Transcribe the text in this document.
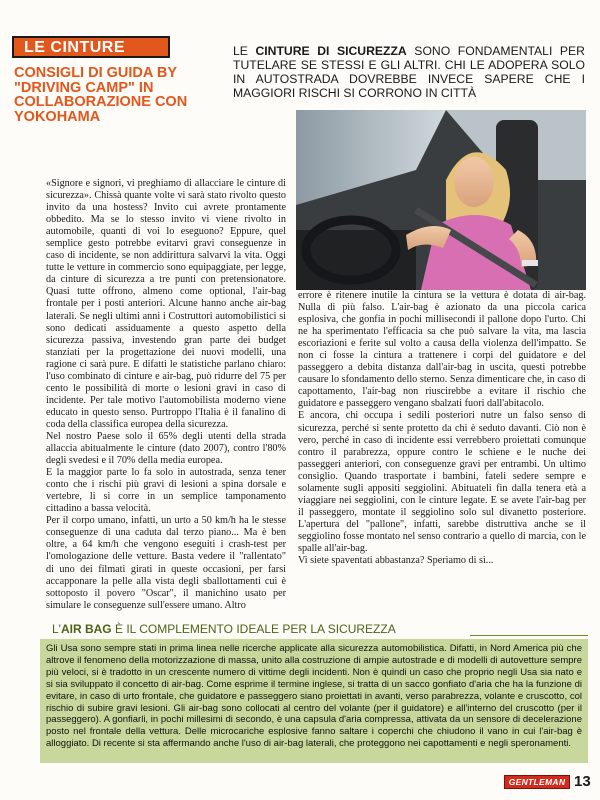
LE CINTURE
CONSIGLI DI GUIDA BY "DRIVING CAMP" IN COLLABORAZIONE CON YOKOHAMA
LE CINTURE DI SICUREZZA SONO FONDAMENTALI PER TUTELARE SE STESSI E GLI ALTRI. CHI LE ADOPERA SOLO IN AUTOSTRADA DOVREBBE INVECE SAPERE CHE I MAGGIORI RISCHI SI CORRONO IN CITTÀ

«Signore e signori, vi preghiamo di allacciare le cinture di sicurezza». Chissà quante volte vi sarà stato rivolto questo invito da una hostess? Invito cui avrete prontamente obbedito. Ma se lo stesso invito vi viene rivolto in automobile, quanti di voi lo eseguono? Eppure, quel semplice gesto potrebbe evitarvi gravi conseguenze in caso di incidente, se non addirittura salvarvi la vita. Oggi tutte le vetture in commercio sono equipaggiate, per legge, da cinture di sicurezza a tre punti con pretensionatore. Quasi tutte offrono, almeno come optional, l'air-bag frontale per i posti anteriori. Alcune hanno anche air-bag laterali. Se negli ultimi anni i Costruttori automobilistici si sono dedicati assiduamente a questo aspetto della sicurezza passiva, investendo gran parte dei budget stanziati per la progettazione dei nuovi modelli, una ragione ci sarà pure. E difatti le statistiche parlano chiaro: l'uso combinato di cinture e air-bag, può ridurre del 75 per cento le possibilità di morte o lesioni gravi in caso di incidente. Per tale motivo l'automobilista moderno viene educato in questo senso. Purtroppo l'Italia è il fanalino di coda della classifica europea della sicurezza.

Nel nostro Paese solo il 65% degli utenti della strada allaccia abitualmente le cinture (dato 2007), contro l'80% degli svedesi e il 70% della media europea.

E la maggior parte lo fa solo in autostrada, senza tener conto che i rischi più gravi di lesioni a spina dorsale e vertebre, li si corre in un semplice tamponamento cittadino a bassa velocità.

Per il corpo umano, infatti, un urto a 50 km/h ha le stesse conseguenze di una caduta dal terzo piano... Ma è ben oltre, a 64 km/h che vengono eseguiti i crash-test per l'omologazione delle vetture. Basta vedere il "rallentato" di uno dei filmati girati in queste occasioni, per farsi accapponare la pelle alla vista degli sballottamenti cui è sottoposto il povero "Oscar", il manichino usato per simulare le conseguenze sull'essere umano. Altro

errore è ritenere inutile la cintura se la vettura è dotata di air-bag. Nulla di più falso. L'air-bag è azionato da una piccola carica esplosiva, che gonfia in pochi millisecondi il pallone dopo l'urto. Chi ne ha sperimentato l'efficacia sa che può salvare la vita, ma lascia escoriazioni e ferite sul volto a causa della violenza dell'impatto. Se non ci fosse la cintura a trattenere i corpi del guidatore e del passeggero a debita distanza dall'air-bag in uscita, questi potrebbe causare lo sfondamento dello sterno. Senza dimenticare che, in caso di capottamento, l'air-bag non riuscirebbe a evitare il rischio che guidatore e passeggero vengano sbalzati fuori dall'abitacolo.

E ancora, chi occupa i sedili posteriori nutre un falso senso di sicurezza, perché si sente protetto da chi è seduto davanti. Ciò non è vero, perché in caso di incidente essi verrebbero proiettati comunque contro il parabrezza, oppure contro le schiene e le nuche dei passeggeri anteriori, con conseguenze gravi per entrambi. Un ultimo consiglio. Quando trasportate i bambini, fateli sedere sempre e solamente sugli appositi seggiolini. Abituateli fin dalla tenera età a viaggiare nei seggiolini, con le cinture legate. E se avete l'air-bag per il passeggero, montate il seggiolino solo sul divanetto posteriore. L'apertura del "pallone", infatti, sarebbe distruttiva anche se il seggiolino fosse montato nel senso contrario a quello di marcia, con le spalle all'air-bag.

Vi siete spaventati abbastanza? Speriamo di sì...

L'AIR BAG È IL COMPLEMENTO IDEALE PER LA SICUREZZA

Gli Usa sono sempre stati in prima linea nelle ricerche applicate alla sicurezza automobilistica. Difatti, in Nord America più che altrove il fenomeno della motorizzazione di massa, unito alla costruzione di ampie autostrade e di modelli di autovetture sempre più veloci, si è tradotto in un crescente numero di vittime degli incidenti. Non è quindi un caso che proprio negli Usa sia nato e si sia sviluppato il concetto di air-bag. Come esprime il termine inglese, si tratta di un sacco gonfiato d'aria che ha la funzione di evitare, in caso di urto frontale, che guidatore e passeggero siano proiettati in avanti, verso parabrezza, volante e cruscotto, col rischio di subire gravi lesioni. Gli air-bag sono collocati al centro del volante (per il guidatore) e all'interno del cruscotto (per il passeggero). A gonfiarli, in pochi millesimi di secondo, è una capsula d'aria compressa, attivata da un sensore di decelerazione posto nel frontale della vettura. Delle microcariche esplosive fanno saltare i coperchi che chiudono il vano in cui l'air-bag è alloggiato. Di recente si sta affermando anche l'uso di air-bag laterali, che proteggono nei capottamenti e negli speronamenti.

GENTLEMAN 13
